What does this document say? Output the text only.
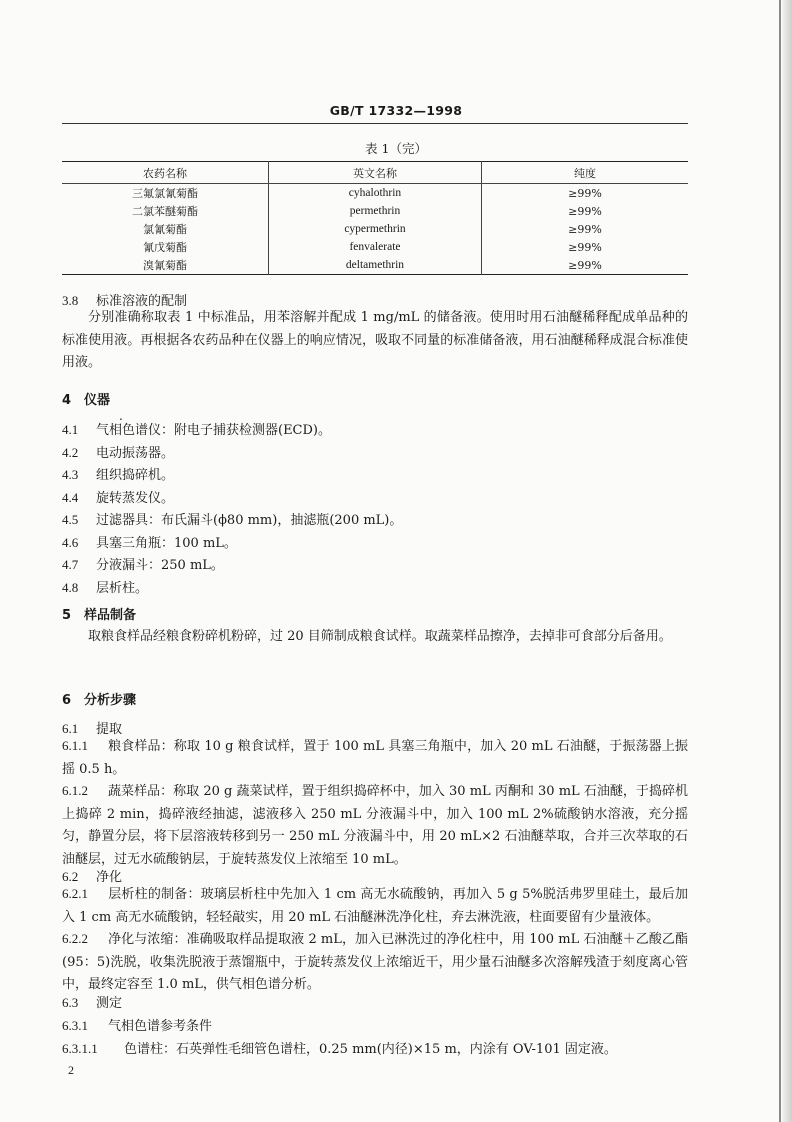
GB/T 17332—1998
表 1（完）
农药名称	英文名称	纯度
三氟氯氰菊酯	cyhalothrin	≥99%
二氯苯醚菊酯	permethrin	≥99%
氯氰菊酯	cypermethrin	≥99%
氰戊菊酯	fenvalerate	≥99%
溴氰菊酯	deltamethrin	≥99%
3.8 标准溶液的配制

分别准确称取表 1 中标准品，用苯溶解并配成 1 mg/mL 的储备液。使用时用石油醚稀释配成单品种的标准使用液。再根据各农药品种在仪器上的响应情况，吸取不同量的标准储备液，用石油醚稀释成混合标准使用液。

4 仪器
.
4.1 气相色谱仪：附电子捕获检测器(ECD)。
4.2 电动振荡器。
4.3 组织捣碎机。
4.4 旋转蒸发仪。
4.5 过滤器具：布氏漏斗(ϕ80 mm)，抽滤瓶(200 mL)。
4.6 具塞三角瓶：100 mL。
4.7 分液漏斗：250 mL。
4.8 层析柱。
5 样品制备

取粮食样品经粮食粉碎机粉碎，过 20 目筛制成粮食试样。取蔬菜样品擦净，去掉非可食部分后备用。

6 分析步骤
6.1 提取

6.1.1 粮食样品：称取 10 g 粮食试样，置于 100 mL 具塞三角瓶中，加入 20 mL 石油醚，于振荡器上振摇 0.5 h。

6.1.2 蔬菜样品：称取 20 g 蔬菜试样，置于组织捣碎杯中，加入 30 mL 丙酮和 30 mL 石油醚，于捣碎机上捣碎 2 min，捣碎液经抽滤，滤液移入 250 mL 分液漏斗中，加入 100 mL 2%硫酸钠水溶液，充分摇匀，静置分层，将下层溶液转移到另一 250 mL 分液漏斗中，用 20 mL×2 石油醚萃取，合并三次萃取的石油醚层，过无水硫酸钠层，于旋转蒸发仪上浓缩至 10 mL。

6.2 净化

6.2.1 层析柱的制备：玻璃层析柱中先加入 1 cm 高无水硫酸钠，再加入 5 g 5%脱活弗罗里硅土，最后加入 1 cm 高无水硫酸钠，轻轻敲实，用 20 mL 石油醚淋洗净化柱，弃去淋洗液，柱面要留有少量液体。

6.2.2 净化与浓缩：准确吸取样品提取液 2 mL，加入已淋洗过的净化柱中，用 100 mL 石油醚＋乙酸乙酯(95：5)洗脱，收集洗脱液于蒸馏瓶中，于旋转蒸发仪上浓缩近干，用少量石油醚多次溶解残渣于刻度离心管中，最终定容至 1.0 mL，供气相色谱分析。

6.3 测定
6.3.1 气相色谱参考条件
6.3.1.1 色谱柱：石英弹性毛细管色谱柱，0.25 mm(内径)×15 m，内涂有 OV-101 固定液。
2
